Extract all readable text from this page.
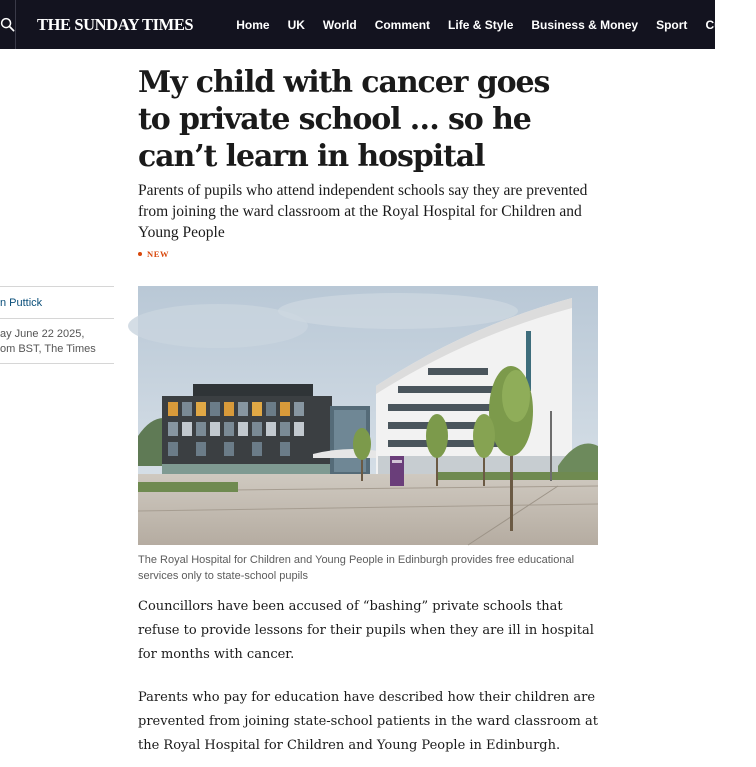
THE SUNDAY TIMES	Home	UK	World	Comment	Life & Style	Business & Money	Sport	Culture
My child with cancer goes to private school … so he can’t learn in hospital

Parents of pupils who attend independent schools say they are prevented from joining the ward classroom at the Royal Hospital for Children and Young People

NEW
n Puttick
ay June 22 2025,
om BST, The Times

The Royal Hospital for Children and Young People in Edinburgh provides free educational services only to state-school pupils

Councillors have been accused of “bashing” private schools that refuse to provide lessons for their pupils when they are ill in hospital for months with cancer.

Parents who pay for education have described how their children are prevented from joining state-school patients in the ward classroom at the Royal Hospital for Children and Young People in Edinburgh.
